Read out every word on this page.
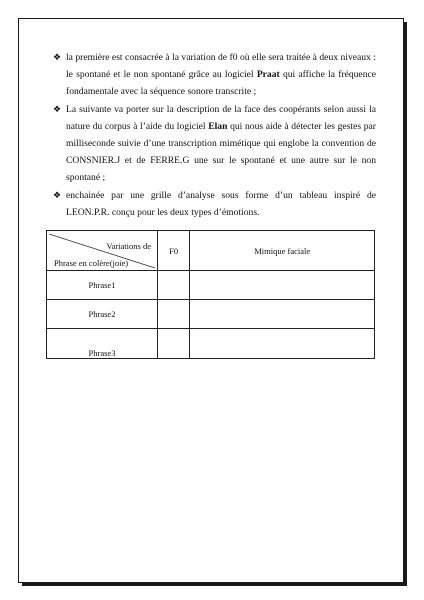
❖ la première est consacrée à la variation de f0 où elle sera traitée à deux niveaux : le spontané et le non spontané grâce au logiciel Praat qui affiche la fréquence fondamentale avec la séquence sonore transcrite ;
❖ La suivante va porter sur la description de la face des coopérants selon aussi la nature du corpus à l’aide du logiciel Elan qui nous aide à détecter les gestes par milliseconde suivie d’une transcription mimétique qui englobe la convention de CONSNIER.J et de FERRE.G une sur le spontané et une autre sur le non spontané ;
❖ enchainée par une grille d’analyse sous forme d’un tableau inspiré de LEON.P.R. conçu pour les deux types d’émotions.
Variations de
Phrase en colère(joie)	F0	Mimique faciale
Phrase1		
Phrase2		
Phrase3		
